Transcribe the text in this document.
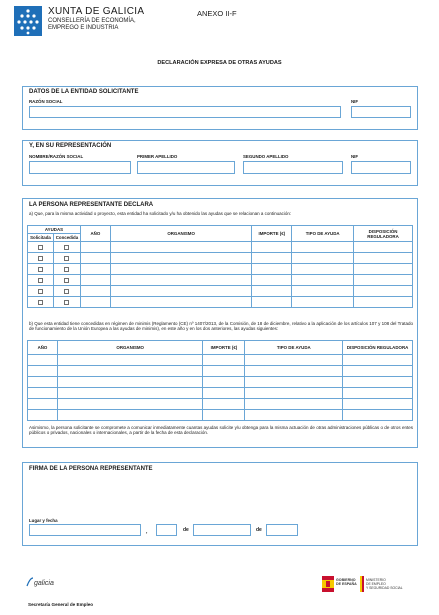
XUNTA DE GALICIA
CONSELLERÍA DE ECONOMÍA,
EMPREGO E INDUSTRIA
ANEXO II-F
DECLARACIÓN EXPRESA DE OTRAS AYUDAS
DATOS DE LA ENTIDAD SOLICITANTE
RAZÓN SOCIAL	NIF
Y, EN SU REPRESENTACIÓN
NOMBRE/RAZÓN SOCIAL	PRIMER APELLIDO	SEGUNDO APELLIDO	NIF
LA PERSONA REPRESENTANTE DECLARA
a) Que, para la misma actividad o proyecto, esta entidad ha solicitado y/u ha obtenido las ayudas que se relacionan a continuación:
AYUDAS		AÑO	ORGANISMO	IMPORTE (€)	TIPO DE AYUDA	DISPOSICIÓN REGULADORA
Solicitada	Concedida					

b) Que esta entidad tiene concedidas en régimen de minimis (Reglamento (CE) nº 1407/2013, de la Comisión, de 18 de diciembre, relativo a la aplicación de los artículos 107 y 108 del Tratado de funcionamiento de la Unión Europea a las ayudas de minimis), en este año y en los dos anteriores, las ayudas siguientes:
AÑO	ORGANISMO	IMPORTE (€)	TIPO DE AYUDA	DISPOSICIÓN REGULADORA

Asimismo, la persona solicitante se compromete a comunicar inmediatamente cuantas ayudas solicite y/u obtenga para la misma actuación de otras administraciones públicas o de otros entes públicos o privados, nacionales o internacionales, a partir de la fecha de esta declaración.
FIRMA DE LA PERSONA REPRESENTANTE
Lugar y fecha
,	de	de
galicia
Secretaría General de Empleo
GOBIERNO
DE ESPAÑA
MINISTERIO
DE EMPLEO
Y SEGURIDAD SOCIAL
